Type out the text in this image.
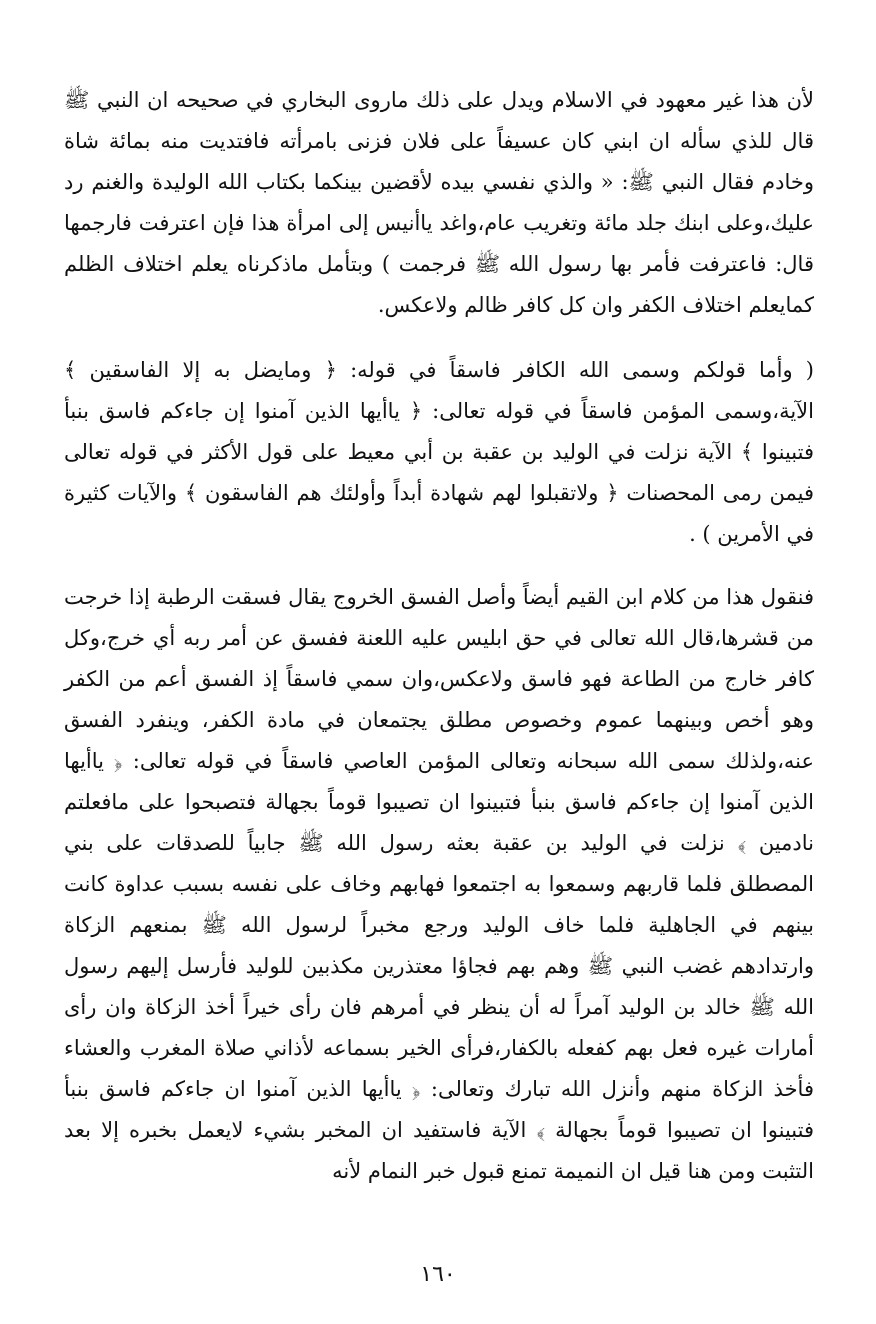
لأن هذا غير معهود في الاسلام ويدل على ذلك ماروى البخاري في صحيحه ان النبي ﷺ قال للذي سأله ان ابني كان عسيفاً على فلان فزنى بامرأته فافتديت منه بمائة شاة وخادم فقال النبي ﷺ: « والذي نفسي بيده لأقضين بينكما بكتاب الله الوليدة والغنم رد عليك،وعلى ابنك جلد مائة وتغريب عام،واغد ياأنيس إلى امرأة هذا فإن اعترفت فارجمها قال: فاعترفت فأمر بها رسول الله ﷺ فرجمت ) وبتأمل ماذكرناه يعلم اختلاف الظلم كمايعلم اختلاف الكفر وان كل كافر ظالم ولاعكس.

( وأما قولكم وسمى الله الكافر فاسقاً في قوله: ﴿ ومايضل به إلا الفاسقين ﴾ الآية،وسمى المؤمن فاسقاً في قوله تعالى: ﴿ ياأيها الذين آمنوا إن جاءكم فاسق بنبأ فتبينوا ﴾ الآية نزلت في الوليد بن عقبة بن أبي معيط على قول الأكثر في قوله تعالى فيمن رمى المحصنات ﴿ ولاتقبلوا لهم شهادة أبداً وأولئك هم الفاسقون ﴾ والآيات كثيرة في الأمرين ) .

فنقول هذا من كلام ابن القيم أيضاً وأصل الفسق الخروج يقال فسقت الرطبة إذا خرجت من قشرها،قال الله تعالى في حق ابليس عليه اللعنة ففسق عن أمر ربه أي خرج،وكل كافر خارج من الطاعة فهو فاسق ولاعكس،وان سمي فاسقاً إذ الفسق أعم من الكفر وهو أخص وبينهما عموم وخصوص مطلق يجتمعان في مادة الكفر، وينفرد الفسق عنه،ولذلك سمى الله سبحانه وتعالى المؤمن العاصي فاسقاً في قوله تعالى: ﴿ ياأيها الذين آمنوا إن جاءكم فاسق بنبأ فتبينوا ان تصيبوا قوماً بجهالة فتصبحوا على مافعلتم نادمين ﴾ نزلت في الوليد بن عقبة بعثه رسول الله ﷺ جابياً للصدقات على بني المصطلق فلما قاربهم وسمعوا به اجتمعوا فهابهم وخاف على نفسه بسبب عداوة كانت بينهم في الجاهلية فلما خاف الوليد ورجع مخبراً لرسول الله ﷺ بمنعهم الزكاة وارتدادهم غضب النبي ﷺ وهم بهم فجاؤا معتذرين مكذبين للوليد فأرسل إليهم رسول الله ﷺ خالد بن الوليد آمراً له أن ينظر في أمرهم فان رأى خيراً أخذ الزكاة وان رأى أمارات غيره فعل بهم كفعله بالكفار،فرأى الخير بسماعه لأذاني صلاة المغرب والعشاء فأخذ الزكاة منهم وأنزل الله تبارك وتعالى: ﴿ ياأيها الذين آمنوا ان جاءكم فاسق بنبأ فتبينوا ان تصيبوا قوماً بجهالة ﴾ الآية فاستفيد ان المخبر بشيء لايعمل بخبره إلا بعد التثبت ومن هنا قيل ان النميمة تمنع قبول خبر النمام لأنه

١٦٠
